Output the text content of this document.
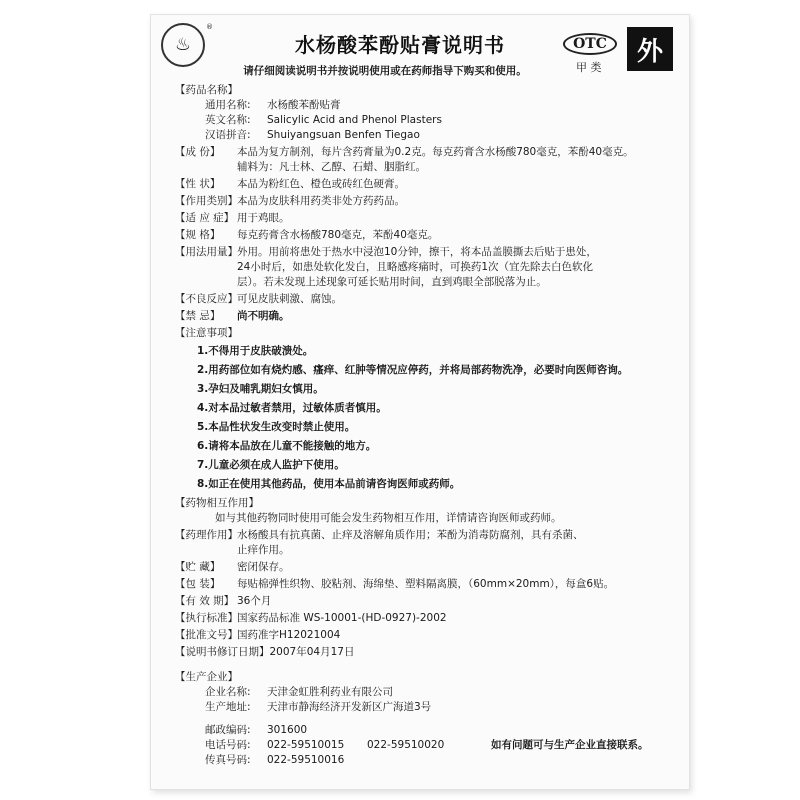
♨
®
水杨酸苯酚贴膏说明书	OTC
甲 类
外
请仔细阅读说明书并按说明使用或在药师指导下购买和使用。
【药品名称】
通用名称:	水杨酸苯酚贴膏
英文名称:	Salicylic Acid and Phenol Plasters
汉语拼音:	Shuiyangsuan Benfen Tiegao
【成 份】	本品为复方制剂，每片含药膏量为0.2克。每克药膏含水杨酸780毫克，苯酚40毫克。
辅料为：凡士林、乙醇、石蜡、胭脂红。
【性 状】	本品为粉红色、橙色或砖红色硬膏。
【作用类别】 本品为皮肤科用药类非处方药药品。
【适 应 症】 用于鸡眼。
【规 格】	每克药膏含水杨酸780毫克，苯酚40毫克。
【用法用量】 外用。用前将患处于热水中浸泡10分钟，擦干，将本品盖膜撕去后贴于患处，
24小时后，如患处软化发白，且略感疼痛时，可换药1次（宜先除去白色软化
层）。若未发现上述现象可延长贴用时间，直到鸡眼全部脱落为止。
【不良反应】 可见皮肤刺激、腐蚀。
【禁 忌】	尚不明确。
【注意事项】
1.不得用于皮肤破溃处。
2.用药部位如有烧灼感、瘙痒、红肿等情况应停药，并将局部药物洗净，必要时向医师咨询。
3.孕妇及哺乳期妇女慎用。
4.对本品过敏者禁用，过敏体质者慎用。
5.本品性状发生改变时禁止使用。
6.请将本品放在儿童不能接触的地方。
7.儿童必须在成人监护下使用。
8.如正在使用其他药品，使用本品前请咨询医师或药师。
【药物相互作用】
如与其他药物同时使用可能会发生药物相互作用，详情请咨询医师或药师。
【药理作用】 水杨酸具有抗真菌、止痒及溶解角质作用；苯酚为消毒防腐剂，具有杀菌、
止痒作用。
【贮 藏】	密闭保存。
【包 装】	每贴棉弹性织物、胶粘剂、海绵垫、塑料隔离膜，（60mm×20mm），每盒6贴。
【有 效 期】 36个月
【执行标准】 国家药品标准 WS-10001-(HD-0927)-2002
【批准文号】 国药准字H12021004
【说明书修订日期】 2007年04月17日
【生产企业】
企业名称:	天津金虹胜利药业有限公司
生产地址:	天津市静海经济开发新区广海道3号
邮政编码:	301600
电话号码:	022-59510015	022-59510020
传真号码:	022-59510016
如有问题可与生产企业直接联系。
